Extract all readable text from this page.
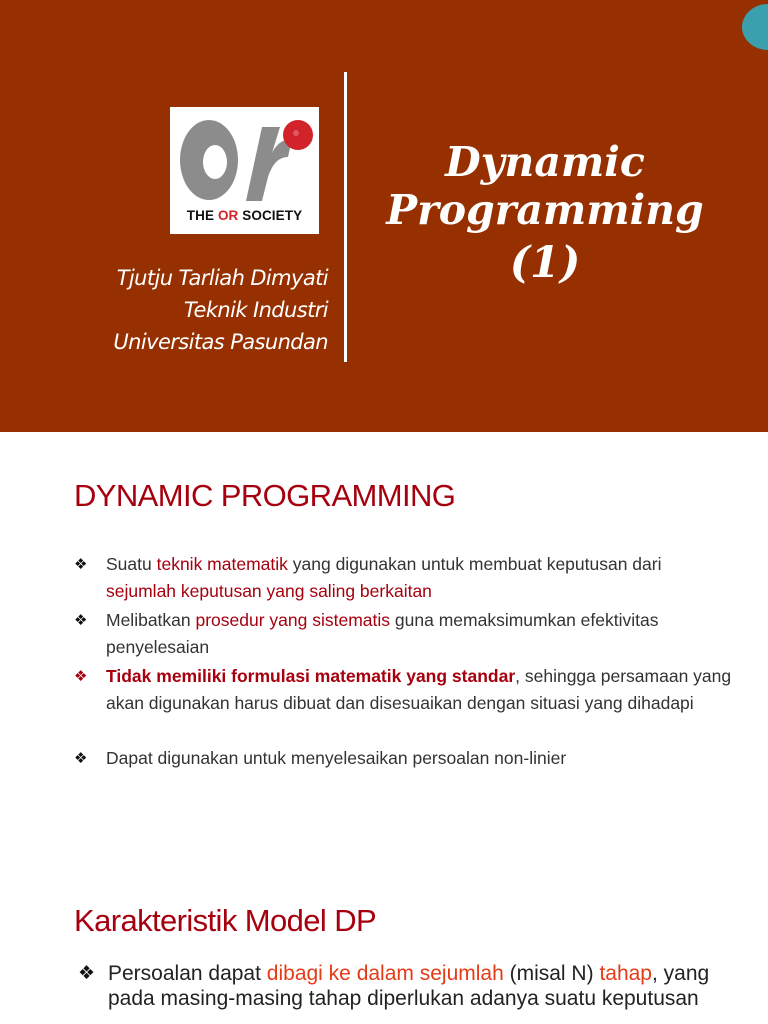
THE OR SOCIETY
Tjutju Tarliah Dimyati
Teknik Industri
Universitas Pasundan
Dynamic
Programming
(1)
DYNAMIC PROGRAMMING
❖	Suatu teknik matematik yang digunakan untuk membuat keputusan dari sejumlah keputusan yang saling berkaitan
❖	Melibatkan prosedur yang sistematis guna memaksimumkan efektivitas penyelesaian
❖	Tidak memiliki formulasi matematik yang standar, sehingga persamaan yang akan digunakan harus dibuat dan disesuaikan dengan situasi yang dihadapi
❖	Dapat digunakan untuk menyelesaikan persoalan non-linier
Karakteristik Model DP
❖ Persoalan dapat dibagi ke dalam sejumlah (misal N) tahap, yang pada masing-masing tahap diperlukan adanya suatu keputusan
